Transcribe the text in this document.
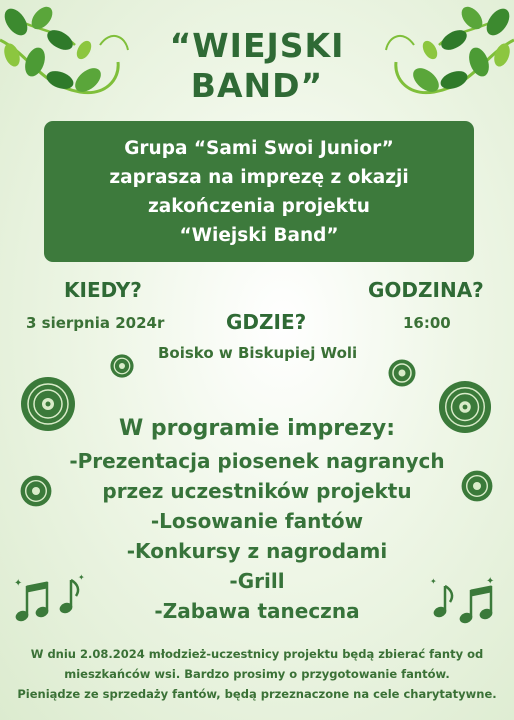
“WIEJSKI
BAND”
Grupa “Sami Swoi Junior”
zaprasza na imprezę z okazji
zakończenia projektu
“Wiejski Band”
KIEDY?
3 sierpnia 2024r	GDZIE?
Boisko w Biskupiej Woli
GODZINA?
16:00
W programie imprezy:
-Prezentacja piosenek nagranych
przez uczestników projektu
-Losowanie fantów
-Konkursy z nagrodami
-Grill
-Zabawa taneczna
✦
✦	✦
✦
W dniu 2.08.2024 młodzież-uczestnicy projektu będą zbierać fanty od
mieszkańców wsi. Bardzo prosimy o przygotowanie fantów.
Pieniądze ze sprzedaży fantów, będą przeznaczone na cele charytatywne.
